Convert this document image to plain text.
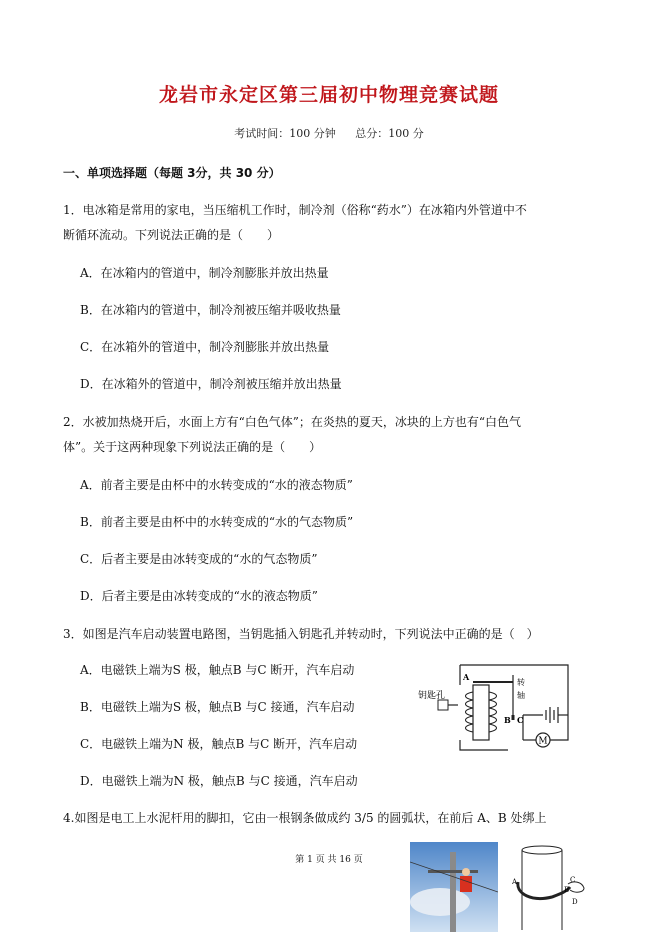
龙岩市永定区第三届初中物理竞赛试题
考试时间：100 分钟 总分：100 分
一、单项选择题（每题 3分，共 30 分）
1．电冰箱是常用的家电，当压缩机工作时，制冷剂（俗称“药水”）在冰箱内外管道中不
断循环流动。下列说法正确的是（　　）
A．在冰箱内的管道中，制冷剂膨胀并放出热量
B．在冰箱内的管道中，制冷剂被压缩并吸收热量
C．在冰箱外的管道中，制冷剂膨胀并放出热量
D．在冰箱外的管道中，制冷剂被压缩并放出热量
2．水被加热烧开后，水面上方有“白色气体”；在炎热的夏天，冰块的上方也有“白色气
体”。关于这两种现象下列说法正确的是（　　）
A．前者主要是由杯中的水转变成的“水的液态物质”
B．前者主要是由杯中的水转变成的“水的气态物质”
C．后者主要是由冰转变成的“水的气态物质”
D．后者主要是由冰转变成的“水的液态物质”
3．如图是汽车启动装置电路图，当钥匙插入钥匙孔并转动时，下列说法中正确的是（　）
A．电磁铁上端为S 极，触点B 与C 断开，汽车启动
B．电磁铁上端为S 极，触点B 与C 接通，汽车启动
C．电磁铁上端为N 极，触点B 与C 断开，汽车启动
D．电磁铁上端为N 极，触点B 与C 接通，汽车启动
M
钥匙孔
A
转
轴
B C
4.如图是电工上水泥杆用的脚扣，它由一根钢条做成约 3/5 的圆弧状，在前后 A、B 处绑上
第 1 页 共 16 页
A
B
C
D
